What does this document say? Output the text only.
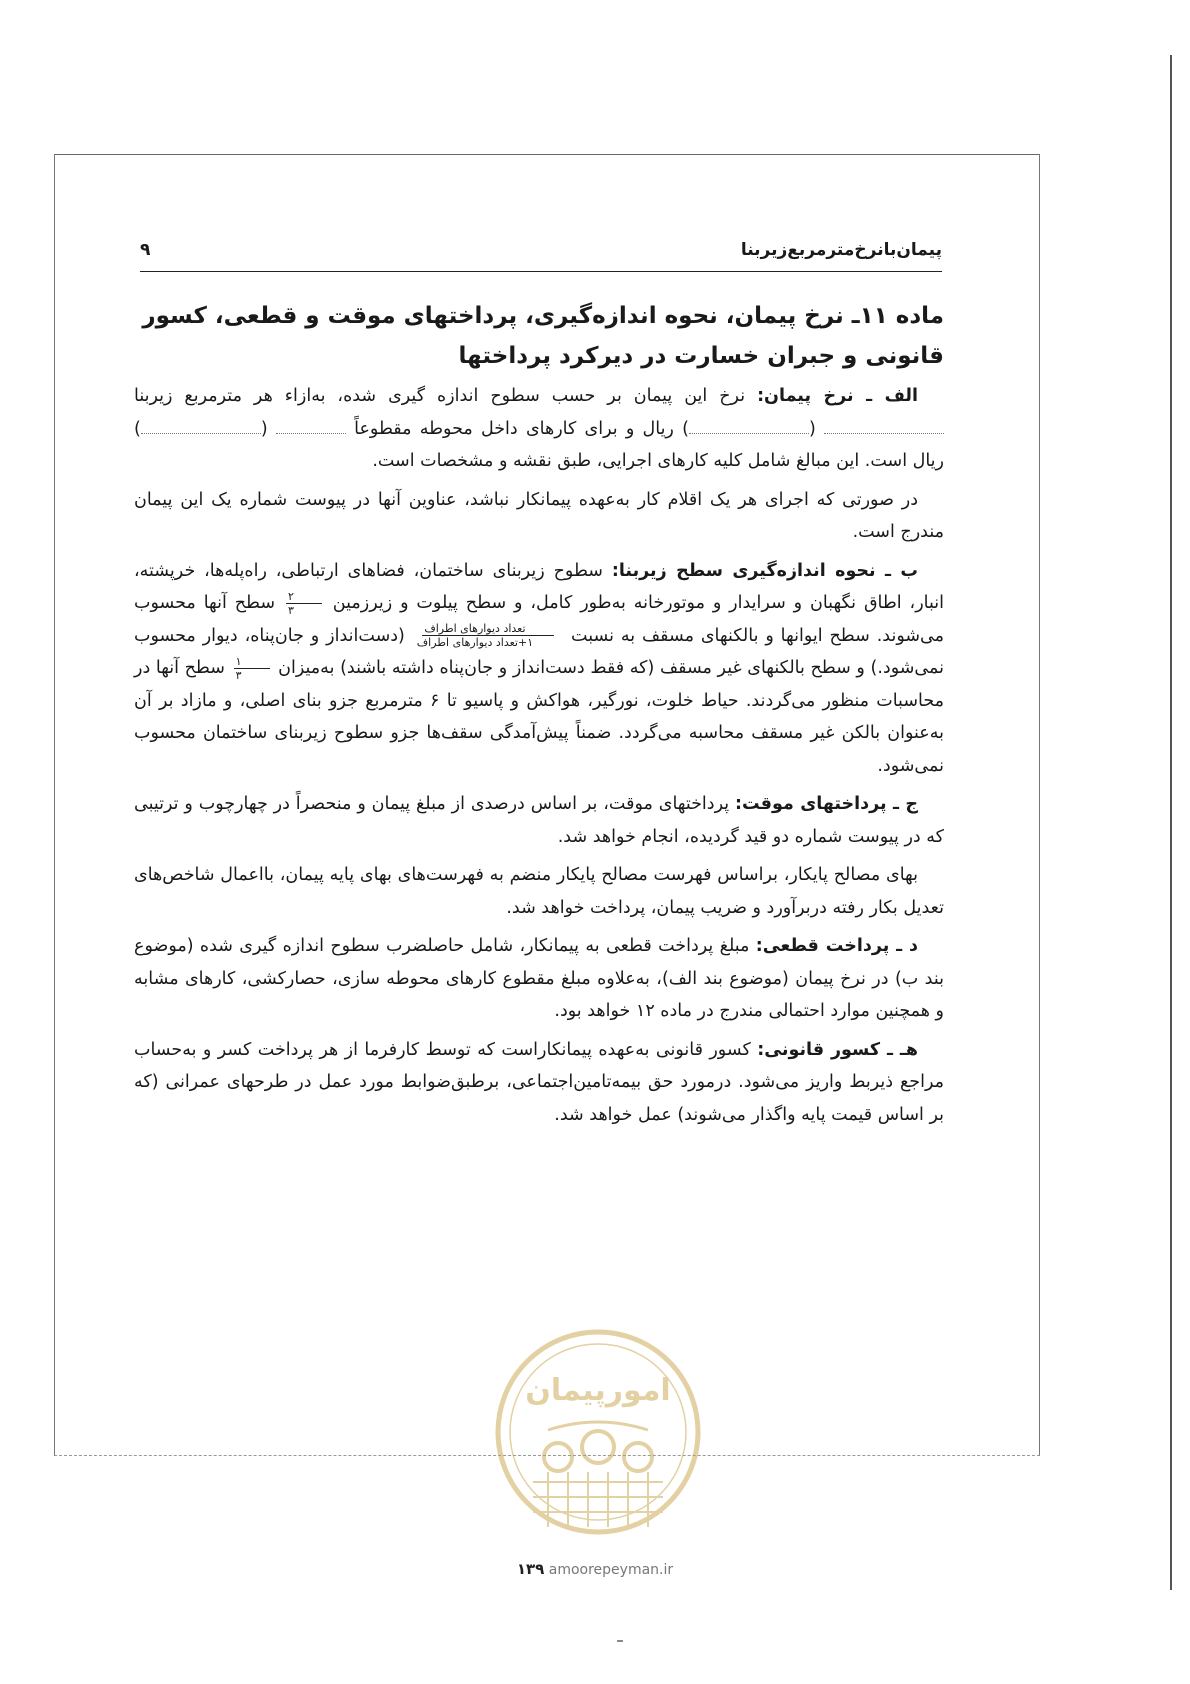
پیمان‌بانرخ‌مترمربع‌زیربنا
۹
ماده ۱۱ـ نرخ پیمان، نحوه اندازه‌گیری، پرداختهای موقت و قطعی، کسور قانونی و جبران خسارت در دیرکرد پرداختها

الف ـ نرخ پیمان: نرخ این پیمان بر حسب سطوح اندازه گیری شده، به‌ازاء هر مترمربع زیربنا  () ریال و برای کارهای داخل محوطه مقطوعاً  () ریال است. این مبالغ شامل کلیه کارهای اجرایی، طبق نقشه و مشخصات است.

در صورتی که اجرای هر یک اقلام کار به‌عهده پیمانکار نباشد، عناوین آنها در پیوست شماره یک این پیمان مندرج است.

ب ـ نحوه اندازه‌گیری سطح زیربنا: سطوح زیربنای ساختمان، فضاهای ارتباطی، راه‌پله‌ها، خرپشته، انبار، اطاق نگهبان و سرایدار و موتورخانه به‌طور کامل، و سطح پیلوت و زیرزمین
$\frac{۲}{۳}$
سطح آنها محسوب می‌شوند. سطح ایوانها و بالکنهای مسقف به نسبت
$\frac{\text{تعداد دیوارهای اطراف}}{\text{۱+تعداد دیوارهای اطراف}}$
(دست‌انداز و جان‌پناه، دیوار محسوب نمی‌شود.) و سطح بالکنهای غیر مسقف (که فقط دست‌انداز و جان‌پناه داشته باشند) به‌میزان
$\frac{۱}{۳}$
سطح آنها در محاسبات منظور می‌گردند. حیاط خلوت، نورگیر، هواکش و پاسیو تا ۶ مترمربع جزو بنای اصلی، و مازاد بر آن به‌عنوان بالکن غیر مسقف محاسبه می‌گردد. ضمناً پیش‌آمدگی سقف‌ها جزو سطوح زیربنای ساختمان محسوب نمی‌شود.

ج ـ پرداختهای موقت: پرداختهای موقت، بر اساس درصدی از مبلغ پیمان و منحصراً در چهارچوب و ترتیبی که در پیوست شماره دو قید گردیده، انجام خواهد شد.

بهای مصالح پایکار، براساس فهرست مصالح پایکار منضم به فهرست‌های بهای پایه پیمان، بااعمال شاخص‌های تعدیل بکار رفته دربرآورد و ضریب پیمان، پرداخت خواهد شد.

د ـ پرداخت قطعی: مبلغ پرداخت قطعی به پیمانکار، شامل حاصلضرب سطوح اندازه گیری شده (موضوع بند ب) در نرخ پیمان (موضوع بند الف)، به‌علاوه مبلغ مقطوع کارهای محوطه سازی، حصارکشی، کارهای مشابه و همچنین موارد احتمالی مندرج در ماده ۱۲ خواهد بود.

هـ ـ کسور قانونی: کسور قانونی به‌عهده پیمانکاراست که توسط کارفرما از هر پرداخت کسر و به‌حساب مراجع ذیربط واریز می‌شود. درمورد حق بیمه‌تامین‌اجتماعی، برطبق‌ضوابط مورد عمل در طرحهای عمرانی (که بر اساس قیمت پایه واگذار می‌شوند) عمل خواهد شد.

امورپیمان
۱۳۹ amoorepeyman.ir
